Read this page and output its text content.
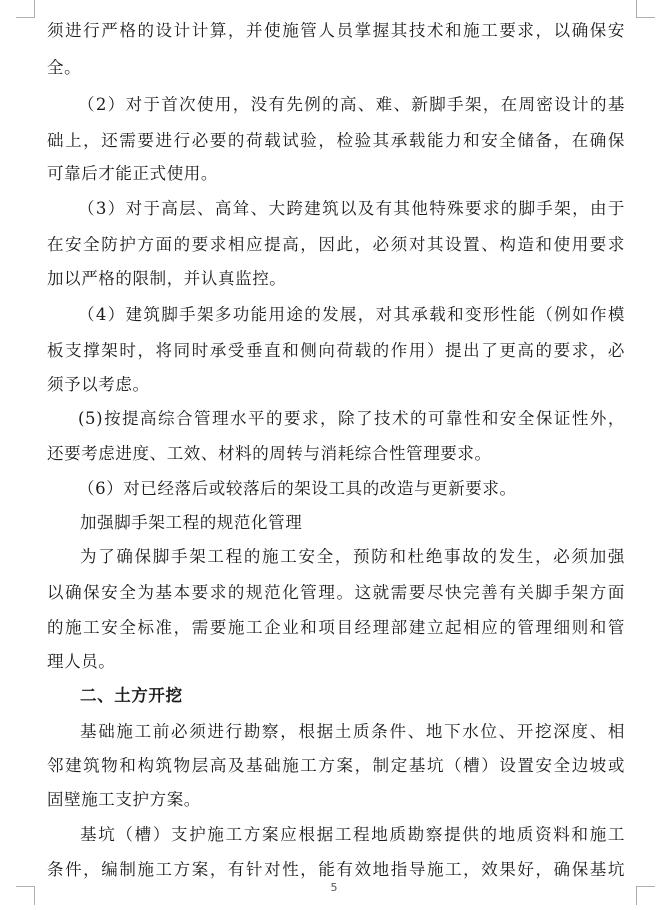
须进行严格的设计计算，并使施管人员掌握其技术和施工要求，以确保安
全。
（2）对于首次使用，没有先例的高、难、新脚手架，在周密设计的基
础上，还需要进行必要的荷载试验，检验其承载能力和安全储备，在确保
可靠后才能正式使用。
（3）对于高层、高耸、大跨建筑以及有其他特殊要求的脚手架，由于
在安全防护方面的要求相应提高，因此，必须对其设置、构造和使用要求
加以严格的限制，并认真监控。
（4）建筑脚手架多功能用途的发展，对其承载和变形性能（例如作模
板支撑架时，将同时承受垂直和侧向荷载的作用）提出了更高的要求，必
须予以考虑。
(5)按提高综合管理水平的要求，除了技术的可靠性和安全保证性外，
还要考虑进度、工效、材料的周转与消耗综合性管理要求。
（6）对已经落后或较落后的架设工具的改造与更新要求。
加强脚手架工程的规范化管理
为了确保脚手架工程的施工安全，预防和杜绝事故的发生，必须加强
以确保安全为基本要求的规范化管理。这就需要尽快完善有关脚手架方面
的施工安全标准，需要施工企业和项目经理部建立起相应的管理细则和管
理人员。
二、土方开挖
基础施工前必须进行勘察，根据土质条件、地下水位、开挖深度、相
邻建筑物和构筑物层高及基础施工方案，制定基坑（槽）设置安全边坡或
固壁施工支护方案。
基坑（槽）支护施工方案应根据工程地质勘察提供的地质资料和施工
条件，编制施工方案，有针对性，能有效地指导施工，效果好，确保基坑
5
